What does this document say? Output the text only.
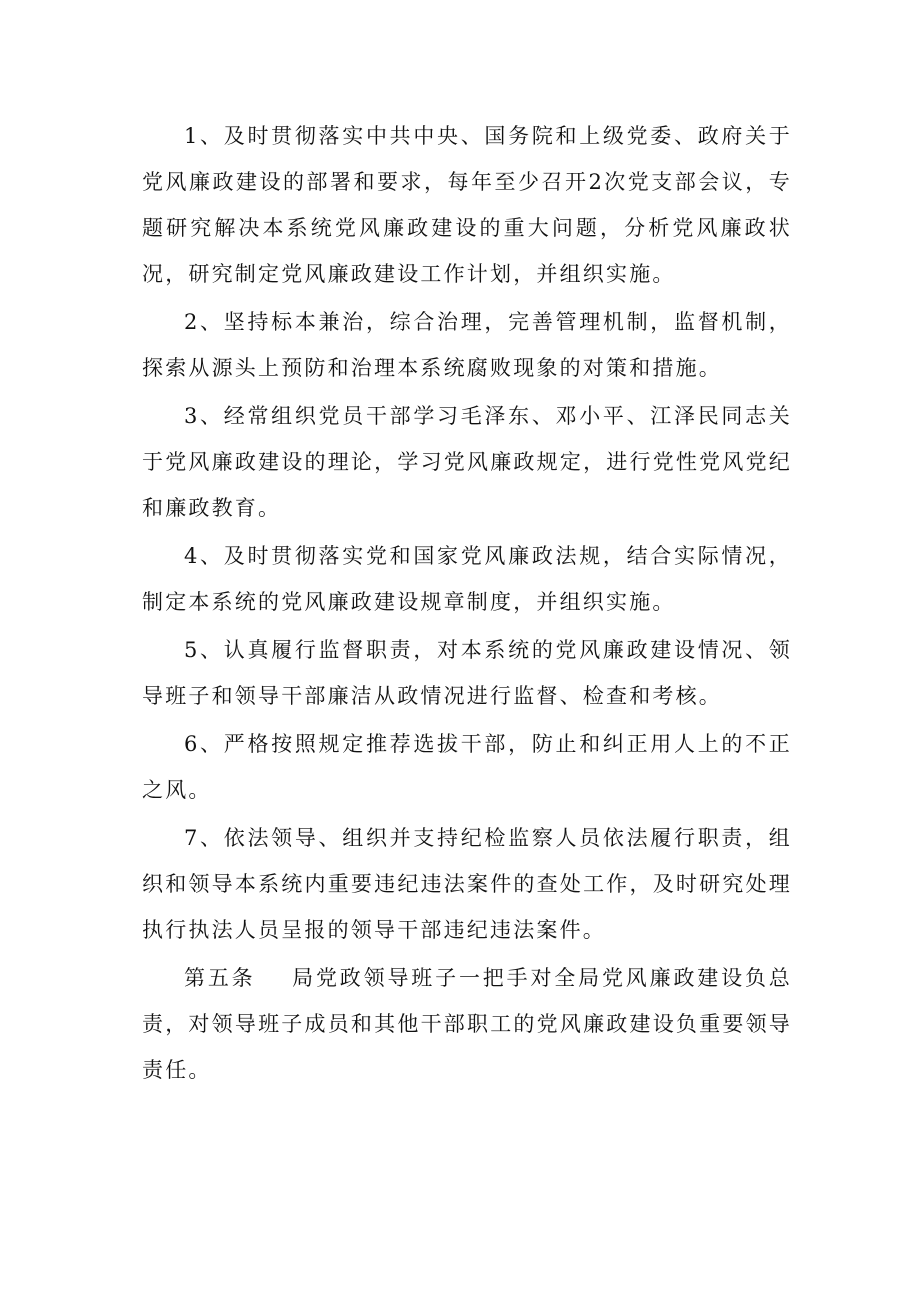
1、及时贯彻落实中共中央、国务院和上级党委、政府关于党风廉政建设的部署和要求，每年至少召开2次党支部会议，专题研究解决本系统党风廉政建设的重大问题，分析党风廉政状况，研究制定党风廉政建设工作计划，并组织实施。

2、坚持标本兼治，综合治理，完善管理机制，监督机制，探索从源头上预防和治理本系统腐败现象的对策和措施。

3、经常组织党员干部学习毛泽东、邓小平、江泽民同志关于党风廉政建设的理论，学习党风廉政规定，进行党性党风党纪和廉政教育。

4、及时贯彻落实党和国家党风廉政法规，结合实际情况，制定本系统的党风廉政建设规章制度，并组织实施。

5、认真履行监督职责，对本系统的党风廉政建设情况、领导班子和领导干部廉洁从政情况进行监督、检查和考核。

6、严格按照规定推荐选拔干部，防止和纠正用人上的不正之风。

7、依法领导、组织并支持纪检监察人员依法履行职责，组织和领导本系统内重要违纪违法案件的查处工作，及时研究处理执行执法人员呈报的领导干部违纪违法案件。

第五条 局党政领导班子一把手对全局党风廉政建设负总责，对领导班子成员和其他干部职工的党风廉政建设负重要领导责任。
